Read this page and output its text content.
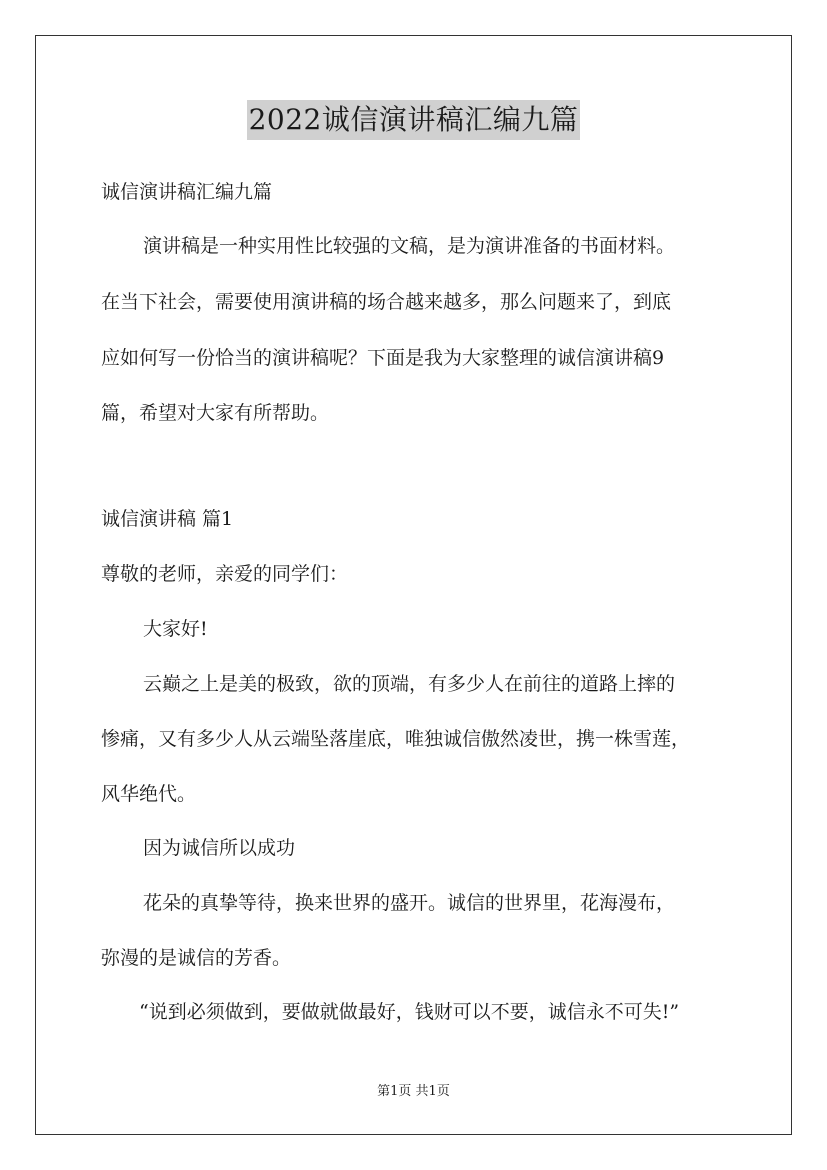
2022诚信演讲稿汇编九篇
诚信演讲稿汇编九篇
演讲稿是一种实用性比较强的文稿，是为演讲准备的书面材料。
在当下社会，需要使用演讲稿的场合越来越多，那么问题来了，到底
应如何写一份恰当的演讲稿呢？下面是我为大家整理的诚信演讲稿9
篇，希望对大家有所帮助。
诚信演讲稿 篇1
尊敬的老师，亲爱的同学们：
大家好!
云巅之上是美的极致，欲的顶端，有多少人在前往的道路上摔的
惨痛，又有多少人从云端坠落崖底，唯独诚信傲然凌世，携一株雪莲，
风华绝代。
因为诚信所以成功
花朵的真挚等待，换来世界的盛开。诚信的世界里，花海漫布，
弥漫的是诚信的芳香。
“说到必须做到，要做就做最好，钱财可以不要，诚信永不可失!”
第1页 共1页
